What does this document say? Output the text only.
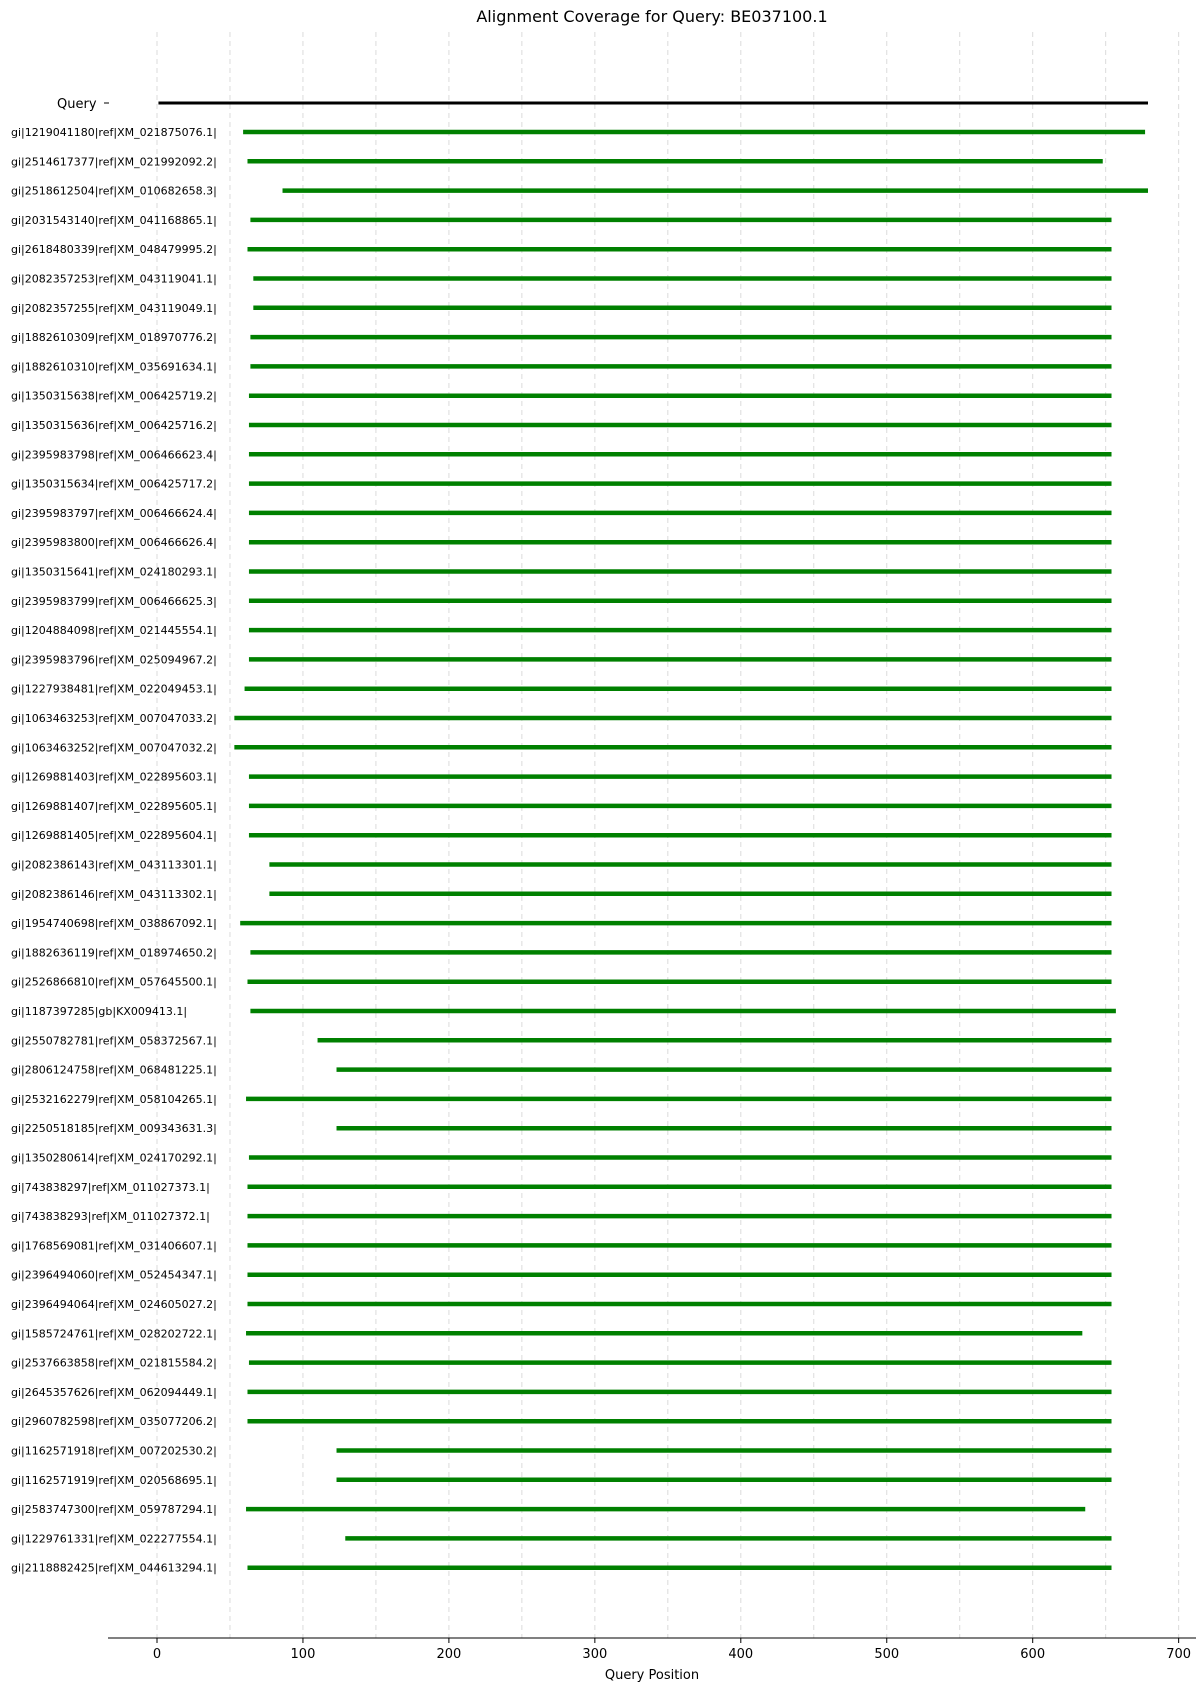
Alignment Coverage for Query: BE037100.1
Query
gi|1219041180|ref|XM_021875076.1|
gi|2514617377|ref|XM_021992092.2|
gi|2518612504|ref|XM_010682658.3|
gi|2031543140|ref|XM_041168865.1|
gi|2618480339|ref|XM_048479995.2|
gi|2082357253|ref|XM_043119041.1|
gi|2082357255|ref|XM_043119049.1|
gi|1882610309|ref|XM_018970776.2|
gi|1882610310|ref|XM_035691634.1|
gi|1350315638|ref|XM_006425719.2|
gi|1350315636|ref|XM_006425716.2|
gi|2395983798|ref|XM_006466623.4|
gi|1350315634|ref|XM_006425717.2|
gi|2395983797|ref|XM_006466624.4|
gi|2395983800|ref|XM_006466626.4|
gi|1350315641|ref|XM_024180293.1|
gi|2395983799|ref|XM_006466625.3|
gi|1204884098|ref|XM_021445554.1|
gi|2395983796|ref|XM_025094967.2|
gi|1227938481|ref|XM_022049453.1|
gi|1063463253|ref|XM_007047033.2|
gi|1063463252|ref|XM_007047032.2|
gi|1269881403|ref|XM_022895603.1|
gi|1269881407|ref|XM_022895605.1|
gi|1269881405|ref|XM_022895604.1|
gi|2082386143|ref|XM_043113301.1|
gi|2082386146|ref|XM_043113302.1|
gi|1954740698|ref|XM_038867092.1|
gi|1882636119|ref|XM_018974650.2|
gi|2526866810|ref|XM_057645500.1|
gi|1187397285|gb|KX009413.1|
gi|2550782781|ref|XM_058372567.1|
gi|2806124758|ref|XM_068481225.1|
gi|2532162279|ref|XM_058104265.1|
gi|2250518185|ref|XM_009343631.3|
gi|1350280614|ref|XM_024170292.1|
gi|743838297|ref|XM_011027373.1|
gi|743838293|ref|XM_011027372.1|
gi|1768569081|ref|XM_031406607.1|
gi|2396494060|ref|XM_052454347.1|
gi|2396494064|ref|XM_024605027.2|
gi|1585724761|ref|XM_028202722.1|
gi|2537663858|ref|XM_021815584.2|
gi|2645357626|ref|XM_062094449.1|
gi|2960782598|ref|XM_035077206.2|
gi|1162571918|ref|XM_007202530.2|
gi|1162571919|ref|XM_020568695.1|
gi|2583747300|ref|XM_059787294.1|
gi|1229761331|ref|XM_022277554.1|
gi|2118882425|ref|XM_044613294.1|
0	100	200	300	400	500	600	700
Query Position
